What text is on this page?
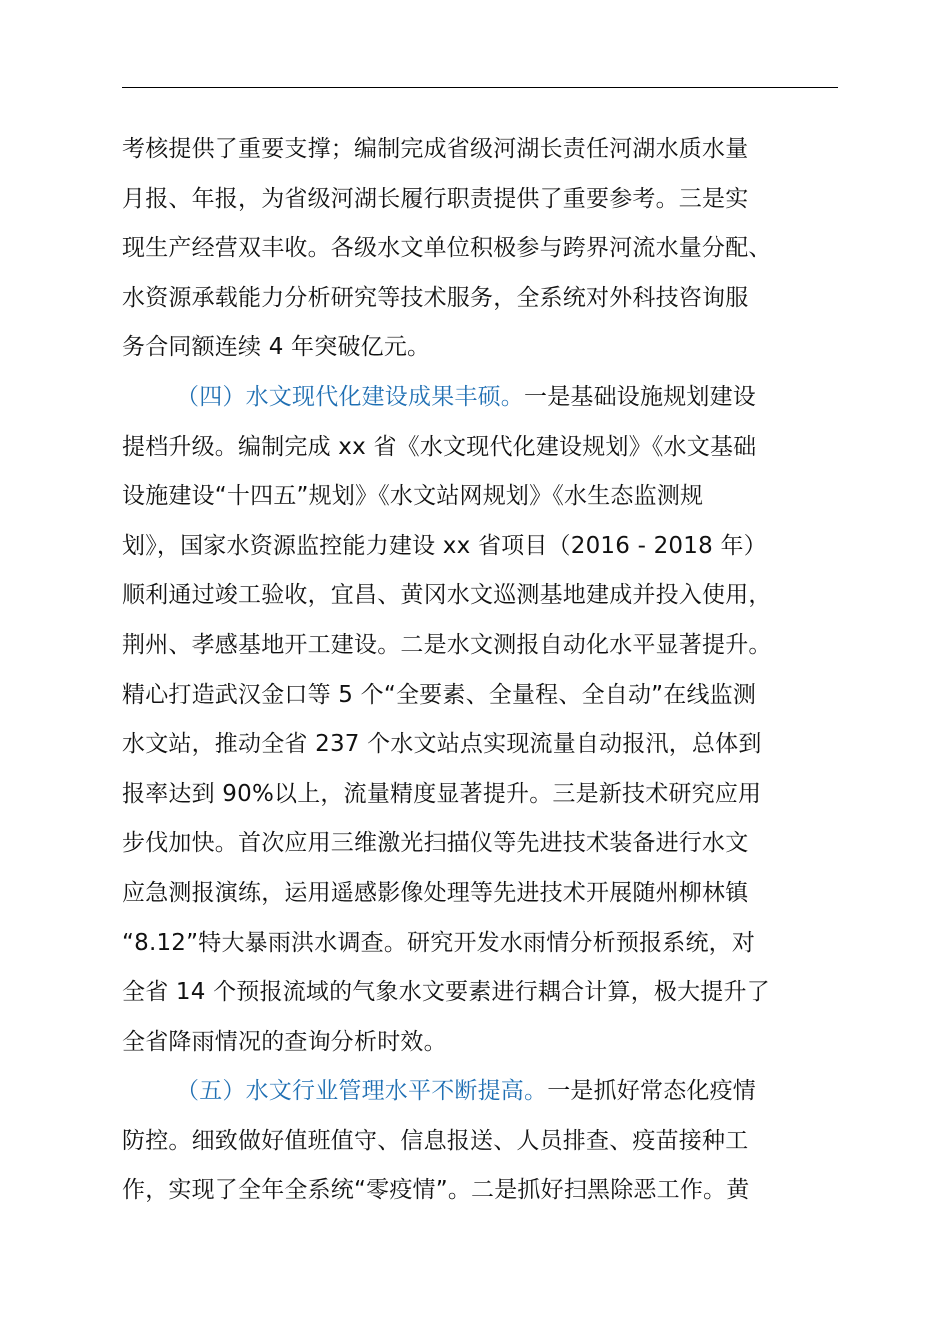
考核提供了重要支撑；编制完成省级河湖长责任河湖水质水量
月报、年报，为省级河湖长履行职责提供了重要参考。三是实
现生产经营双丰收。各级水文单位积极参与跨界河流水量分配、
水资源承载能力分析研究等技术服务，全系统对外科技咨询服
务合同额连续 4 年突破亿元。
（四）水文现代化建设成果丰硕。一是基础设施规划建设
提档升级。编制完成 xx 省《水文现代化建设规划》《水文基础
设施建设“十四五”规划》《水文站网规划》《水生态监测规
划》，国家水资源监控能力建设 xx 省项目（2016 - 2018 年）
顺利通过竣工验收，宜昌、黄冈水文巡测基地建成并投入使用，
荆州、孝感基地开工建设。二是水文测报自动化水平显著提升。
精心打造武汉金口等 5 个“全要素、全量程、全自动”在线监测
水文站，推动全省 237 个水文站点实现流量自动报汛，总体到
报率达到 90%以上，流量精度显著提升。三是新技术研究应用
步伐加快。首次应用三维激光扫描仪等先进技术装备进行水文
应急测报演练，运用遥感影像处理等先进技术开展随州柳林镇
“8.12”特大暴雨洪水调查。研究开发水雨情分析预报系统，对
全省 14 个预报流域的气象水文要素进行耦合计算，极大提升了
全省降雨情况的查询分析时效。
（五）水文行业管理水平不断提高。一是抓好常态化疫情
防控。细致做好值班值守、信息报送、人员排查、疫苗接种工
作，实现了全年全系统“零疫情”。二是抓好扫黑除恶工作。黄
